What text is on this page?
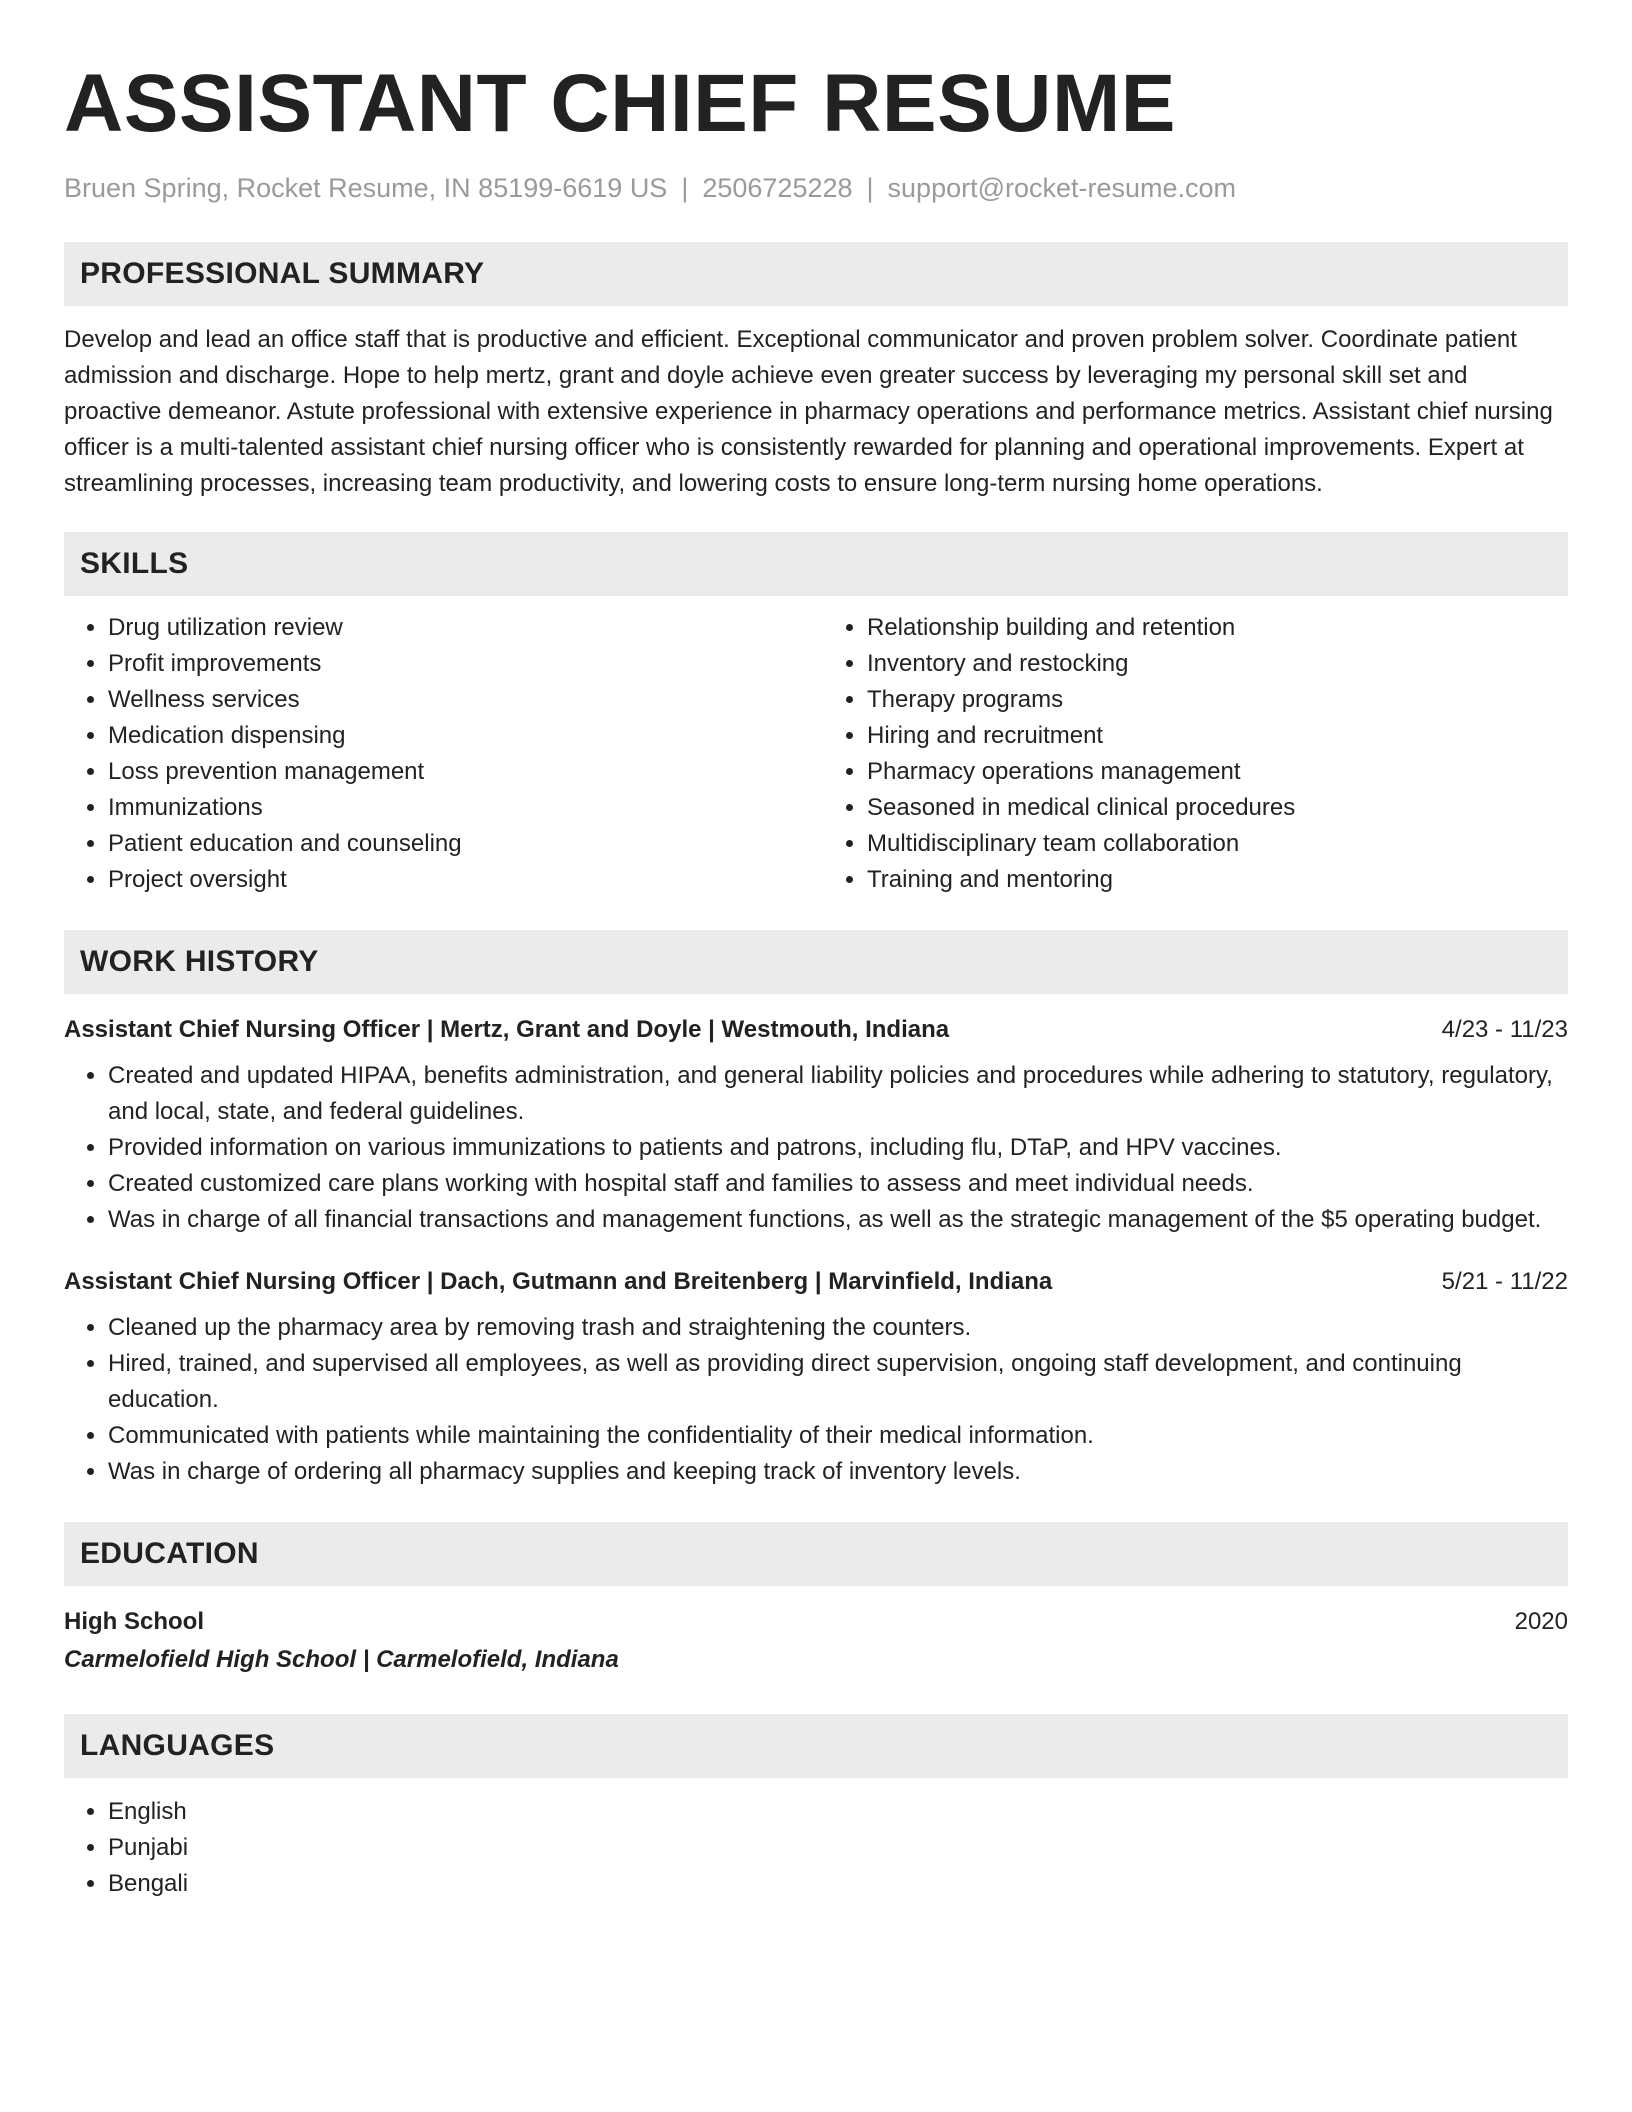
ASSISTANT CHIEF RESUME
Bruen Spring, Rocket Resume, IN 85199-6619 US | 2506725228 | support@rocket-resume.com
PROFESSIONAL SUMMARY

Develop and lead an office staff that is productive and efficient. Exceptional communicator and proven problem solver. Coordinate patient admission and discharge. Hope to help mertz, grant and doyle achieve even greater success by leveraging my personal skill set and proactive demeanor. Astute professional with extensive experience in pharmacy operations and performance metrics. Assistant chief nursing officer is a multi-talented assistant chief nursing officer who is consistently rewarded for planning and operational improvements. Expert at streamlining processes, increasing team productivity, and lowering costs to ensure long-term nursing home operations.

SKILLS
• Drug utilization review
• Profit improvements
• Wellness services
• Medication dispensing
• Loss prevention management
• Immunizations
• Patient education and counseling
• Project oversight
• Relationship building and retention
• Inventory and restocking
• Therapy programs
• Hiring and recruitment
• Pharmacy operations management
• Seasoned in medical clinical procedures
• Multidisciplinary team collaboration
• Training and mentoring
WORK HISTORY
Assistant Chief Nursing Officer | Mertz, Grant and Doyle | Westmouth, Indiana	4/23 - 11/23
• Created and updated HIPAA, benefits administration, and general liability policies and procedures while adhering to statutory, regulatory, and local, state, and federal guidelines.
• Provided information on various immunizations to patients and patrons, including flu, DTaP, and HPV vaccines.
• Created customized care plans working with hospital staff and families to assess and meet individual needs.
• Was in charge of all financial transactions and management functions, as well as the strategic management of the $5 operating budget.
Assistant Chief Nursing Officer | Dach, Gutmann and Breitenberg | Marvinfield, Indiana	5/21 - 11/22
• Cleaned up the pharmacy area by removing trash and straightening the counters.
• Hired, trained, and supervised all employees, as well as providing direct supervision, ongoing staff development, and continuing education.
• Communicated with patients while maintaining the confidentiality of their medical information.
• Was in charge of ordering all pharmacy supplies and keeping track of inventory levels.
EDUCATION
High School	2020
Carmelofield High School | Carmelofield, Indiana
LANGUAGES
• English
• Punjabi
• Bengali
